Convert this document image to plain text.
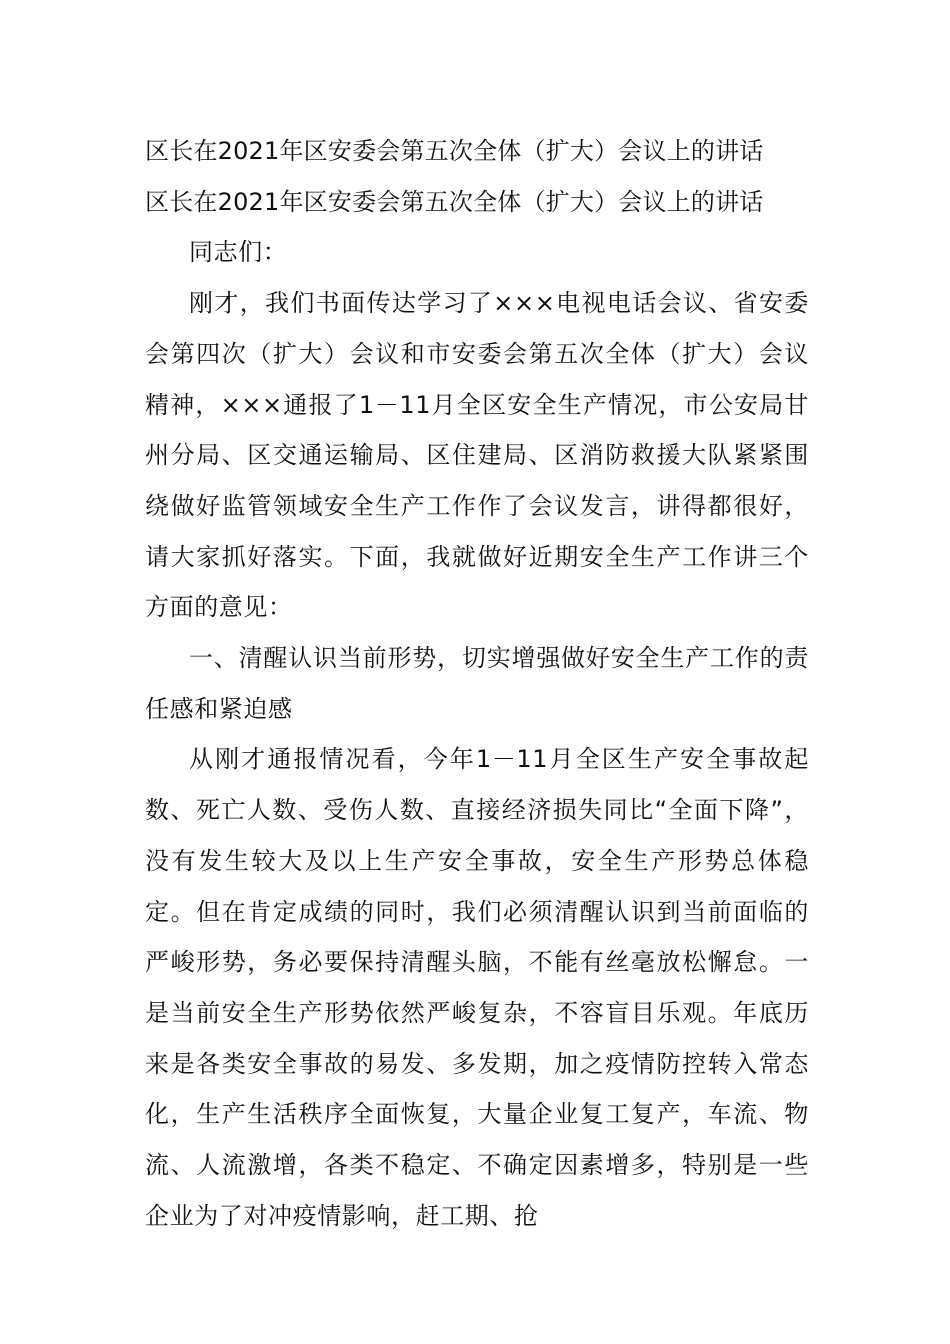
区长在2021年区安委会第五次全体（扩大）会议上的讲话

区长在2021年区安委会第五次全体（扩大）会议上的讲话

同志们：

刚才，我们书面传达学习了×××电视电话会议、省安委会第四次（扩大）会议和市安委会第五次全体（扩大）会议精神，×××通报了1－11月全区安全生产情况，市公安局甘州分局、区交通运输局、区住建局、区消防救援大队紧紧围绕做好监管领域安全生产工作作了会议发言，讲得都很好，请大家抓好落实。下面，我就做好近期安全生产工作讲三个方面的意见：

一、清醒认识当前形势，切实增强做好安全生产工作的责任感和紧迫感

从刚才通报情况看，今年1－11月全区生产安全事故起数、死亡人数、受伤人数、直接经济损失同比“全面下降”，没有发生较大及以上生产安全事故，安全生产形势总体稳定。但在肯定成绩的同时，我们必须清醒认识到当前面临的严峻形势，务必要保持清醒头脑，不能有丝毫放松懈怠。一是当前安全生产形势依然严峻复杂，不容盲目乐观。年底历来是各类安全事故的易发、多发期，加之疫情防控转入常态化，生产生活秩序全面恢复，大量企业复工复产，车流、物流、人流激增，各类不稳定、不确定因素增多，特别是一些企业为了对冲疫情影响，赶工期、抢
